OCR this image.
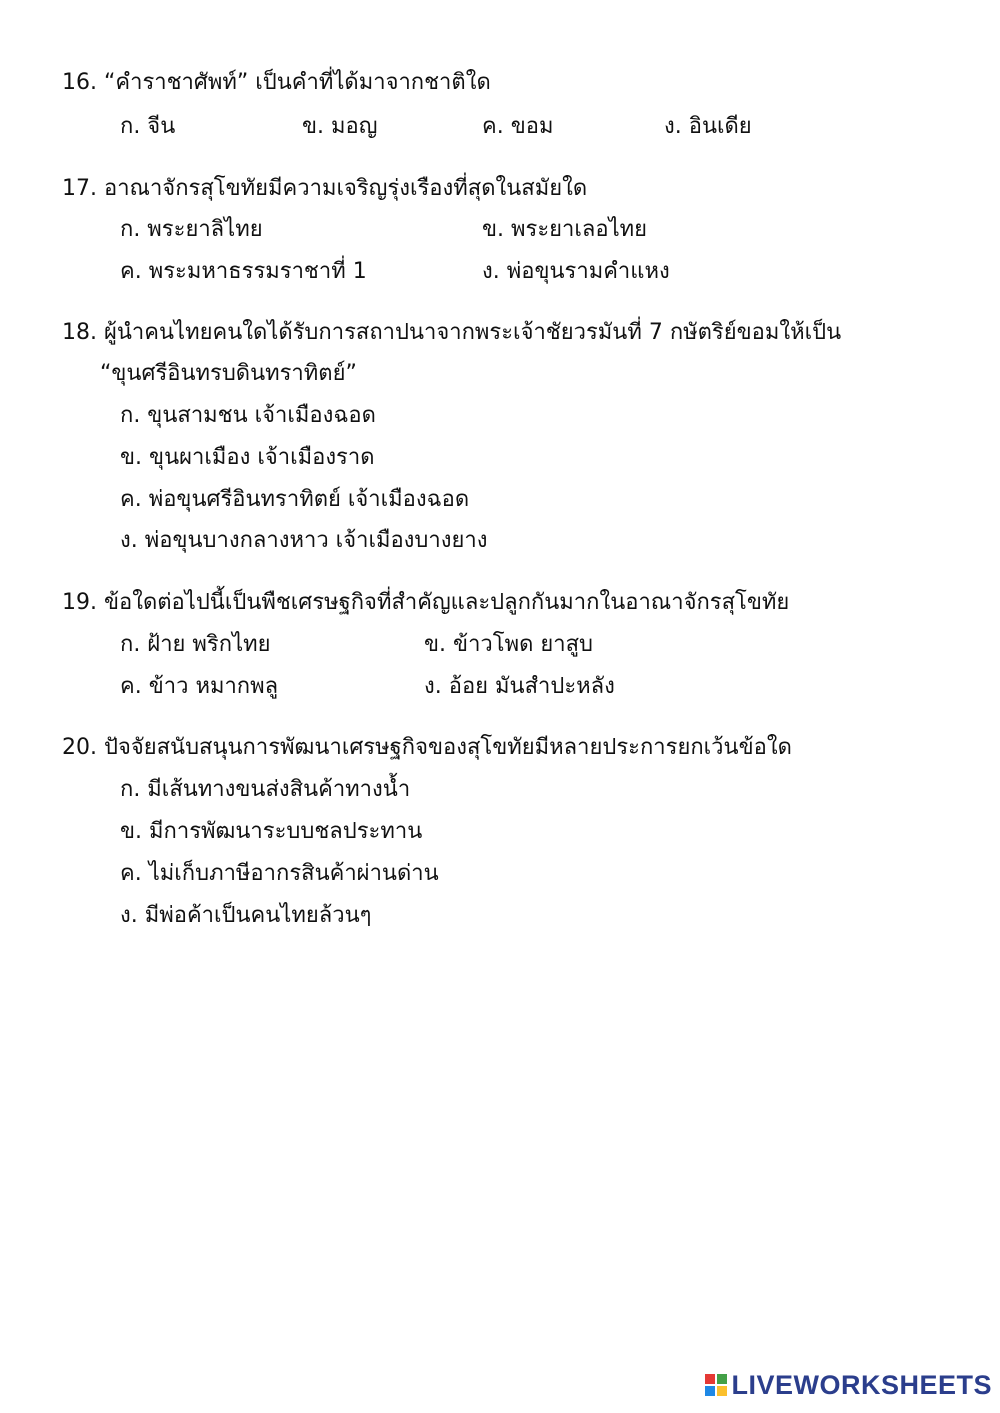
16. “คำราชาศัพท์” เป็นคำที่ได้มาจากชาติใด
ก. จีน	ข. มอญ	ค. ขอม	ง. อินเดีย
17. อาณาจักรสุโขทัยมีความเจริญรุ่งเรืองที่สุดในสมัยใด
ก. พระยาลิไทย	ข. พระยาเลอไทย
ค. พระมหาธรรมราชาที่ 1	ง. พ่อขุนรามคำแหง
18. ผู้นำคนไทยคนใดได้รับการสถาปนาจากพระเจ้าชัยวรมันที่ 7 กษัตริย์ขอมให้เป็น
“ขุนศรีอินทรบดินทราทิตย์”
ก. ขุนสามชน เจ้าเมืองฉอด
ข. ขุนผาเมือง เจ้าเมืองราด
ค. พ่อขุนศรีอินทราทิตย์ เจ้าเมืองฉอด
ง. พ่อขุนบางกลางหาว เจ้าเมืองบางยาง
19. ข้อใดต่อไปนี้เป็นพืชเศรษฐกิจที่สำคัญและปลูกกันมากในอาณาจักรสุโขทัย
ก. ฝ้าย พริกไทย	ข. ข้าวโพด ยาสูบ
ค. ข้าว หมากพลู	ง. อ้อย มันสำปะหลัง
20. ปัจจัยสนับสนุนการพัฒนาเศรษฐกิจของสุโขทัยมีหลายประการยกเว้นข้อใด
ก. มีเส้นทางขนส่งสินค้าทางน้ำ
ข. มีการพัฒนาระบบชลประทาน
ค. ไม่เก็บภาษีอากรสินค้าผ่านด่าน
ง. มีพ่อค้าเป็นคนไทยล้วนๆ
LIVEWORKSHEETS
